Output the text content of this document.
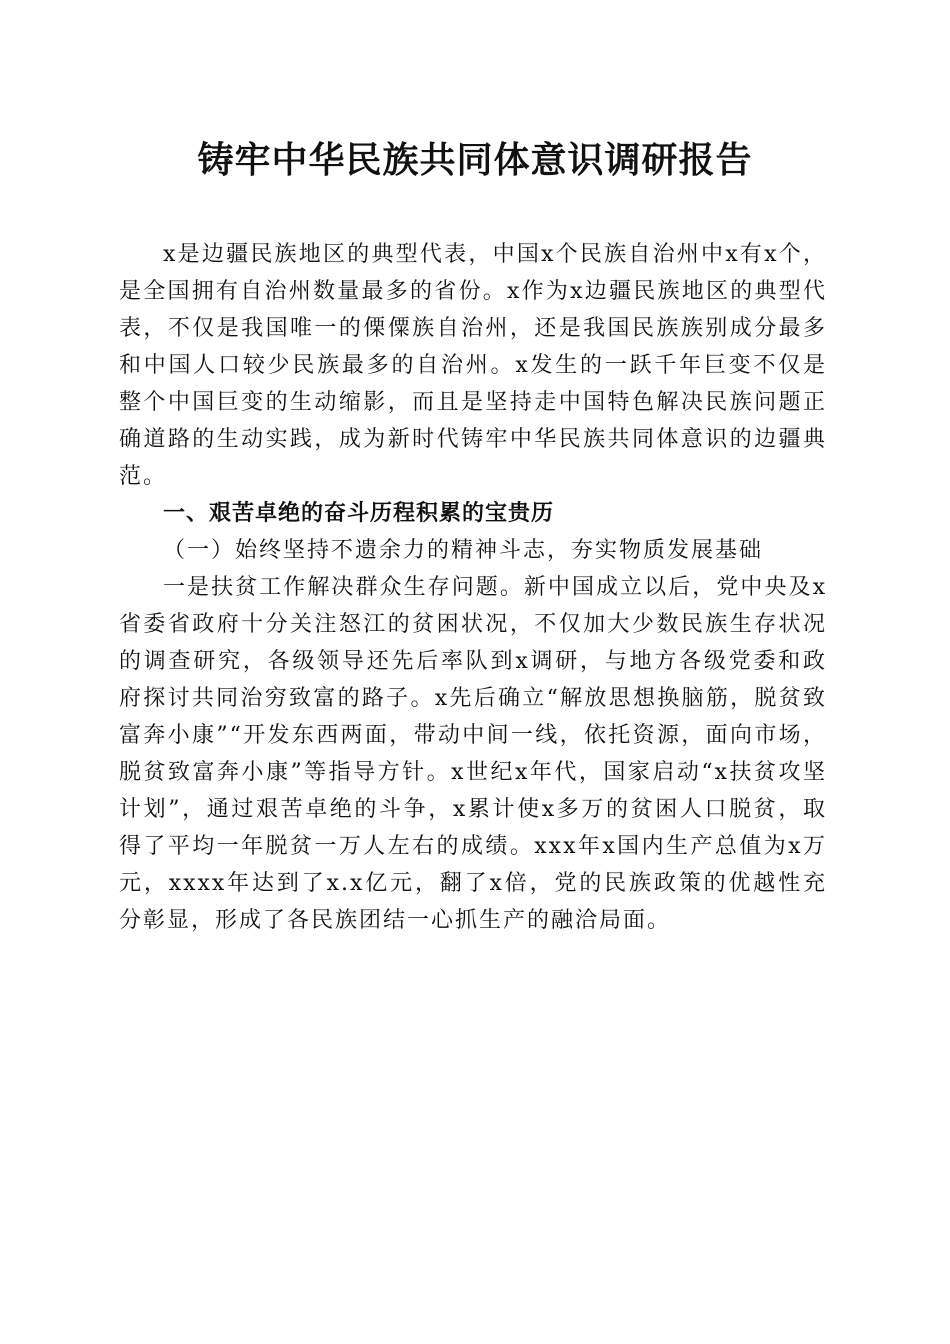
铸牢中华民族共同体意识调研报告

x是边疆民族地区的典型代表，中国x个民族自治州中x有x个，是全国拥有自治州数量最多的省份。x作为x边疆民族地区的典型代表，不仅是我国唯一的傈僳族自治州，还是我国民族族别成分最多和中国人口较少民族最多的自治州。x发生的一跃千年巨变不仅是整个中国巨变的生动缩影，而且是坚持走中国特色解决民族问题正确道路的生动实践，成为新时代铸牢中华民族共同体意识的边疆典范。

一、艰苦卓绝的奋斗历程积累的宝贵历

（一）始终坚持不遗余力的精神斗志，夯实物质发展基础

一是扶贫工作解决群众生存问题。新中国成立以后，党中央及x省委省政府十分关注怒江的贫困状况，不仅加大少数民族生存状况的调查研究，各级领导还先后率队到x调研，与地方各级党委和政府探讨共同治穷致富的路子。x先后确立“解放思想换脑筋，脱贫致富奔小康”“开发东西两面，带动中间一线，依托资源，面向市场，脱贫致富奔小康”等指导方针。x世纪x年代，国家启动“x扶贫攻坚计划”，通过艰苦卓绝的斗争，x累计使x多万的贫困人口脱贫，取得了平均一年脱贫一万人左右的成绩。xxx年x国内生产总值为x万元，xxxx年达到了x.x亿元，翻了x倍，党的民族政策的优越性充分彰显，形成了各民族团结一心抓生产的融洽局面。
